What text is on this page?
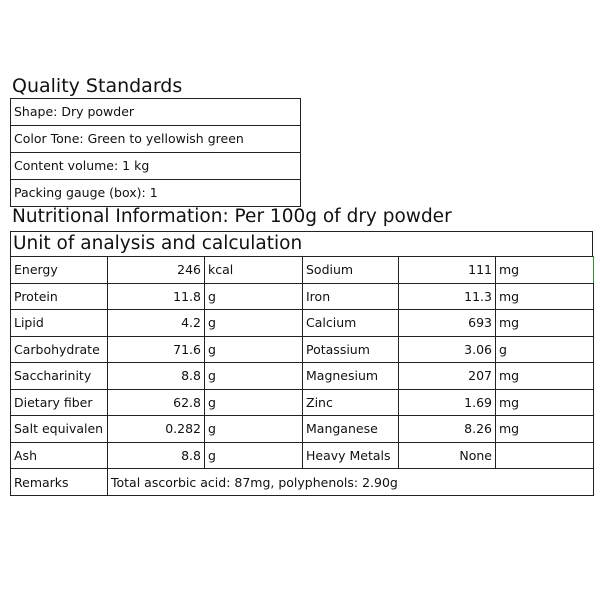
Quality Standards
Shape: Dry powder
Color Tone: Green to yellowish green
Content volume: 1 kg
Packing gauge (box): 1
Nutritional Information: Per 100g of dry powder
Unit of analysis and calculation
Energy	246	kcal	Sodium	111	mg
Protein	11.8	g	Iron	11.3	mg
Lipid	4.2	g	Calcium	693	mg
Carbohydrate	71.6	g	Potassium	3.06	g
Saccharinity	8.8	g	Magnesium	207	mg
Dietary fiber	62.8	g	Zinc	1.69	mg
Salt equivalen	0.282	g	Manganese	8.26	mg
Ash	8.8	g	Heavy Metals	None	
Remarks	Total ascorbic acid: 87mg, polyphenols: 2.90g				
